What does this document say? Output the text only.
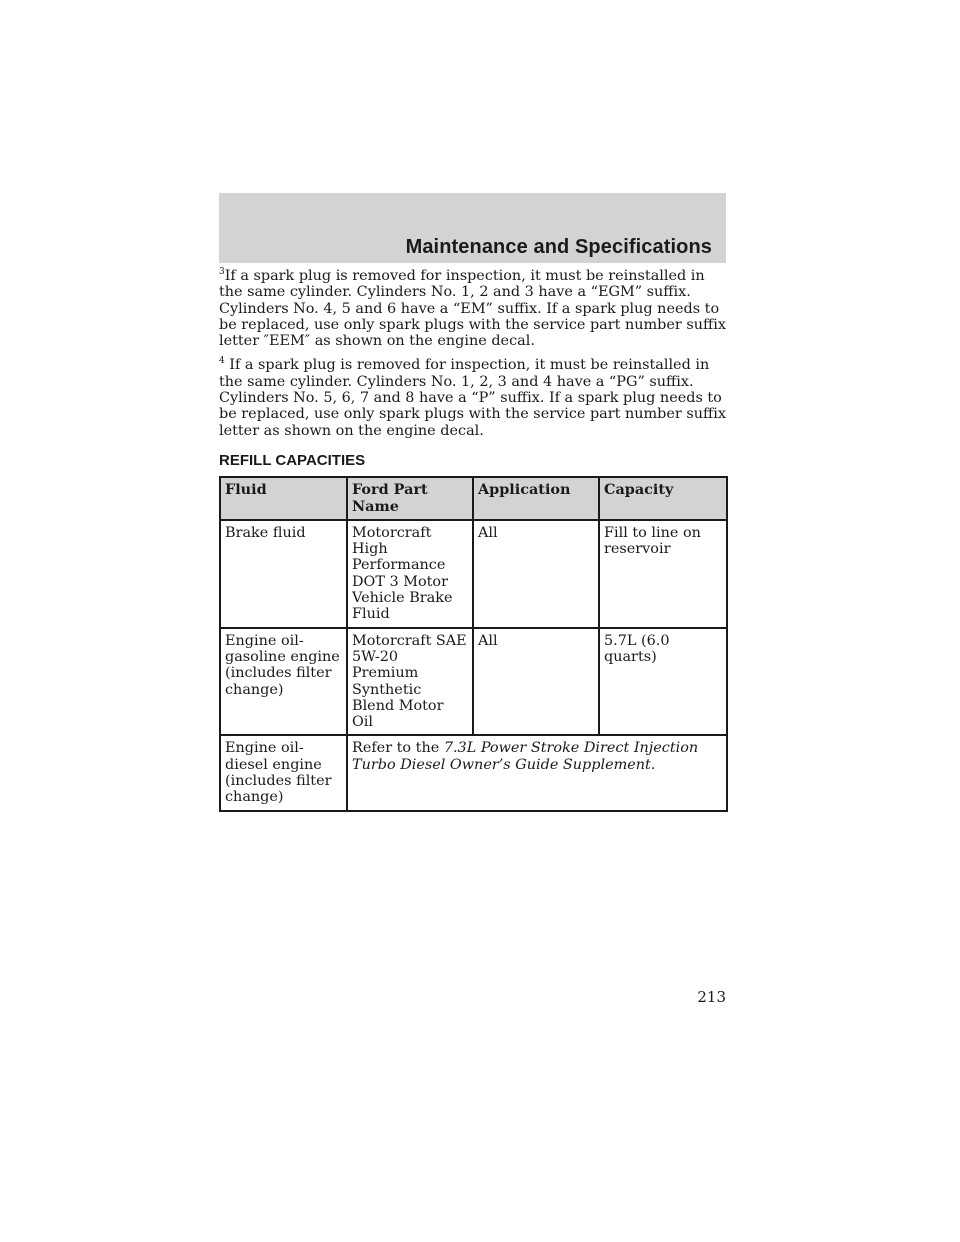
Maintenance and Specifications

$^3$If a spark plug is removed for inspection, it must be reinstalled in the same cylinder. Cylinders No. 1, 2 and 3 have a “EGM” suffix. Cylinders No. 4, 5 and 6 have a “EM” suffix. If a spark plug needs to be replaced, use only spark plugs with the service part number suffix letter ″EEM″ as shown on the engine decal.

$^4$ If a spark plug is removed for inspection, it must be reinstalled in the same cylinder. Cylinders No. 1, 2, 3 and 4 have a “PG” suffix. Cylinders No. 5, 6, 7 and 8 have a “P” suffix. If a spark plug needs to be replaced, use only spark plugs with the service part number suffix letter as shown on the engine decal.

REFILL CAPACITIES
Fluid	Ford Part Name	Application	Capacity
Brake fluid	Motorcraft High Performance DOT 3 Motor Vehicle Brake Fluid	All	Fill to line on reservoir
Engine oil-gasoline engine (includes filter change)	Motorcraft SAE 5W-20 Premium Synthetic Blend Motor Oil	All	5.7L (6.0 quarts)
Engine oil-diesel engine (includes filter change)	Refer to the 7.3L Power Stroke Direct Injection Turbo Diesel Owner’s Guide Supplement.		
213
